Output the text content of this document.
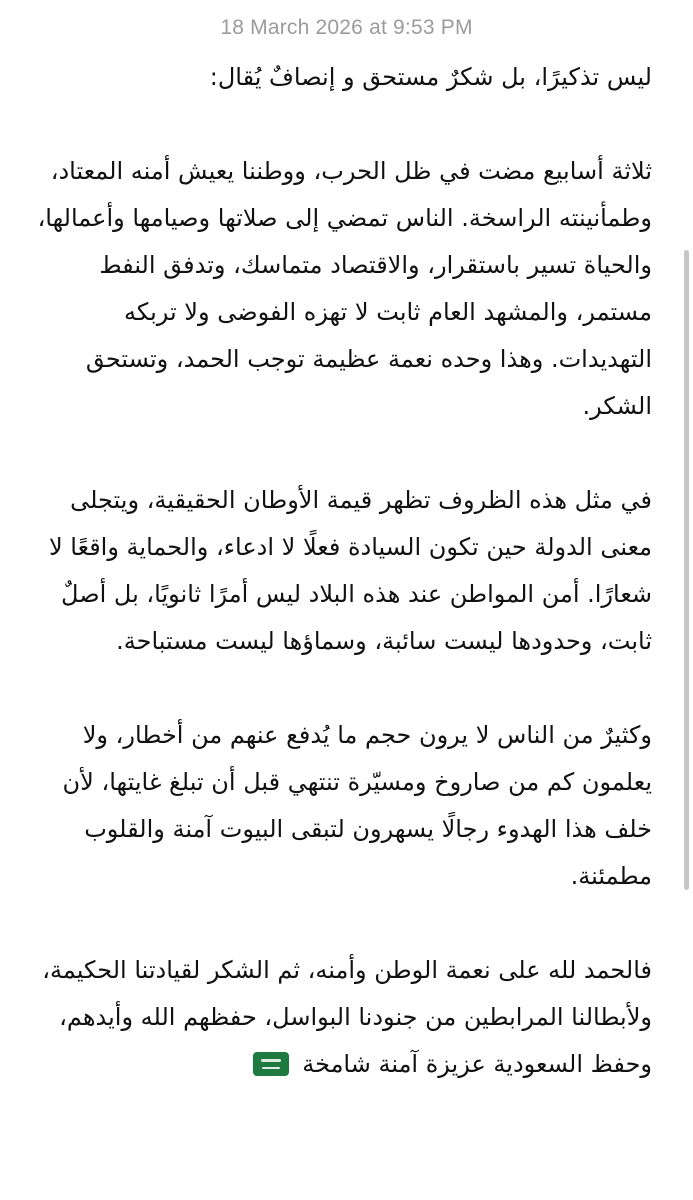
18 March 2026 at 9:53 PM

ليس تذكيرًا، بل شكرٌ مستحق و إنصافٌ يُقال:

ثلاثة أسابيع مضت في ظل الحرب، ووطننا يعيش أمنه المعتاد، وطمأنينته الراسخة. الناس تمضي إلى صلاتها وصيامها وأعمالها، والحياة تسير باستقرار، والاقتصاد متماسك، وتدفق النفط مستمر، والمشهد العام ثابت لا تهزه الفوضى ولا تربكه التهديدات. وهذا وحده نعمة عظيمة توجب الحمد، وتستحق الشكر.

في مثل هذه الظروف تظهر قيمة الأوطان الحقيقية، ويتجلى معنى الدولة حين تكون السيادة فعلًا لا ادعاء، والحماية واقعًا لا شعارًا. أمن المواطن عند هذه البلاد ليس أمرًا ثانويًا، بل أصلٌ ثابت، وحدودها ليست سائبة، وسماؤها ليست مستباحة.

وكثيرٌ من الناس لا يرون حجم ما يُدفع عنهم من أخطار، ولا يعلمون كم من صاروخ ومسيّرة تنتهي قبل أن تبلغ غايتها، لأن خلف هذا الهدوء رجالًا يسهرون لتبقى البيوت آمنة والقلوب مطمئنة.

فالحمد لله على نعمة الوطن وأمنه، ثم الشكر لقيادتنا الحكيمة، ولأبطالنا المرابطين من جنودنا البواسل، حفظهم الله وأيدهم، وحفظ السعودية عزيزة آمنة شامخة
